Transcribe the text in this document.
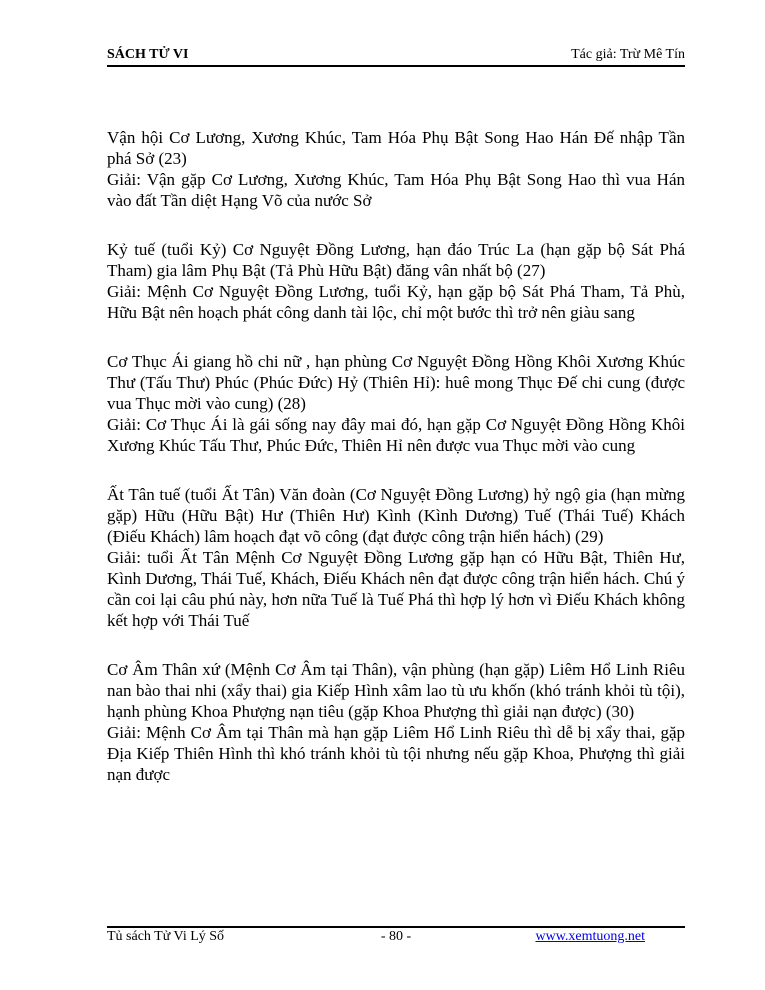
SÁCH TỬ VI	Tác giả: Trừ Mê Tín

Vận hội Cơ Lương, Xương Khúc, Tam Hóa Phụ Bật Song Hao Hán Đế nhập Tần phá Sở (23)

Giải: Vận gặp Cơ Lương, Xương Khúc, Tam Hóa Phụ Bật Song Hao thì vua Hán vào đất Tần diệt Hạng Võ của nước Sở

Kỷ tuế (tuổi Kỷ) Cơ Nguyệt Đồng Lương, hạn đáo Trúc La (hạn gặp bộ Sát Phá Tham) gia lâm Phụ Bật (Tả Phù Hữu Bật) đăng vân nhất bộ (27)

Giải: Mệnh Cơ Nguyệt Đồng Lương, tuổi Kỷ, hạn gặp bộ Sát Phá Tham, Tả Phù, Hữu Bật nên hoạch phát công danh tài lộc, chỉ một bước thì trở nên giàu sang

Cơ Thục Ái giang hồ chi nữ , hạn phùng Cơ Nguyệt Đồng Hồng Khôi Xương Khúc Thư (Tấu Thư) Phúc (Phúc Đức) Hỷ (Thiên Hỉ): huê mong Thục Đế chi cung (được vua Thục mời vào cung) (28)

Giải: Cơ Thục Ái là gái sống nay đây mai đó, hạn gặp Cơ Nguyệt Đồng Hồng Khôi Xương Khúc Tấu Thư, Phúc Đức, Thiên Hỉ nên được vua Thục mời vào cung

Ất Tân tuế (tuổi Ất Tân) Văn đoàn (Cơ Nguyệt Đồng Lương) hỷ ngộ gia (hạn mừng gặp) Hữu (Hữu Bật) Hư (Thiên Hư) Kình (Kình Dương) Tuế (Thái Tuế) Khách (Điếu Khách) lâm hoạch đạt võ công (đạt được công trận hiển hách) (29)

Giải: tuổi Ất Tân Mệnh Cơ Nguyệt Đồng Lương gặp hạn có Hữu Bật, Thiên Hư, Kình Dương, Thái Tuế, Khách, Điếu Khách nên đạt được công trận hiển hách. Chú ý cần coi lại câu phú này, hơn nữa Tuế là Tuế Phá thì hợp lý hơn vì Điếu Khách không kết hợp với Thái Tuế

Cơ Âm Thân xứ (Mệnh Cơ Âm tại Thân), vận phùng (hạn gặp) Liêm Hổ Linh Riêu nan bào thai nhi (xẩy thai) gia Kiếp Hình xâm lao tù ưu khốn (khó tránh khỏi tù tội), hạnh phùng Khoa Phượng nạn tiêu (gặp Khoa Phượng thì giải nạn được) (30)

Giải: Mệnh Cơ Âm tại Thân mà hạn gặp Liêm Hổ Linh Riêu thì dễ bị xẩy thai, gặp Địa Kiếp Thiên Hình thì khó tránh khỏi tù tội nhưng nếu gặp Khoa, Phượng thì giải nạn được

Tủ sách Tử Vi Lý Số	- 80 -	www.xemtuong.net
